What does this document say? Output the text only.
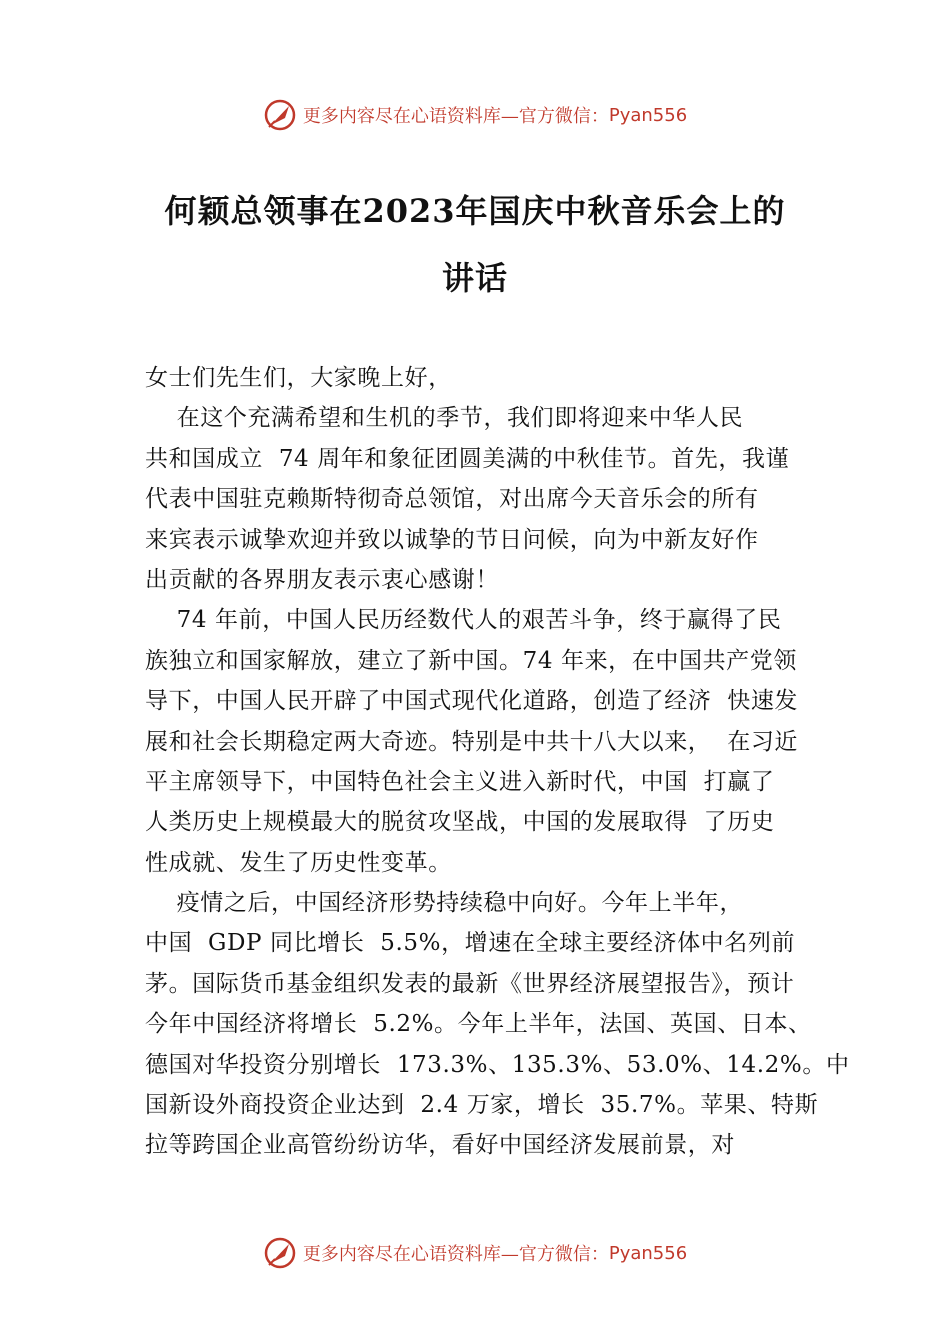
更多内容尽在心语资料库—官方微信： Pyan556
何颖总领事在2023年国庆中秋音乐会上的
讲话
女士们先生们，大家晚上好，
在这个充满希望和生机的季节，我们即将迎来中华人民
共和国成立  74 周年和象征团圆美满的中秋佳节。首先，我谨
代表中国驻克赖斯特彻奇总领馆，对出席今天音乐会的所有
来宾表示诚挚欢迎并致以诚挚的节日问候，向为中新友好作
出贡献的各界朋友表示衷心感谢！
74 年前，中国人民历经数代人的艰苦斗争，终于赢得了民
族独立和国家解放，建立了新中国。74 年来，在中国共产党领
导下，中国人民开辟了中国式现代化道路，创造了经济  快速发
展和社会长期稳定两大奇迹。特别是中共十八大以来，  在习近
平主席领导下，中国特色社会主义进入新时代，中国  打赢了
人类历史上规模最大的脱贫攻坚战，中国的发展取得  了历史
性成就、发生了历史性变革。
疫情之后，中国经济形势持续稳中向好。今年上半年，
中国  GDP 同比增长  5.5%，增速在全球主要经济体中名列前
茅。国际货币基金组织发表的最新《世界经济展望报告》，预计
今年中国经济将增长  5.2%。今年上半年，法国、英国、日本、
德国对华投资分别增长  173.3%、135.3%、53.0%、14.2%。中
国新设外商投资企业达到  2.4 万家，增长  35.7%。苹果、特斯
拉等跨国企业高管纷纷访华，看好中国经济发展前景，对
更多内容尽在心语资料库—官方微信： Pyan556
